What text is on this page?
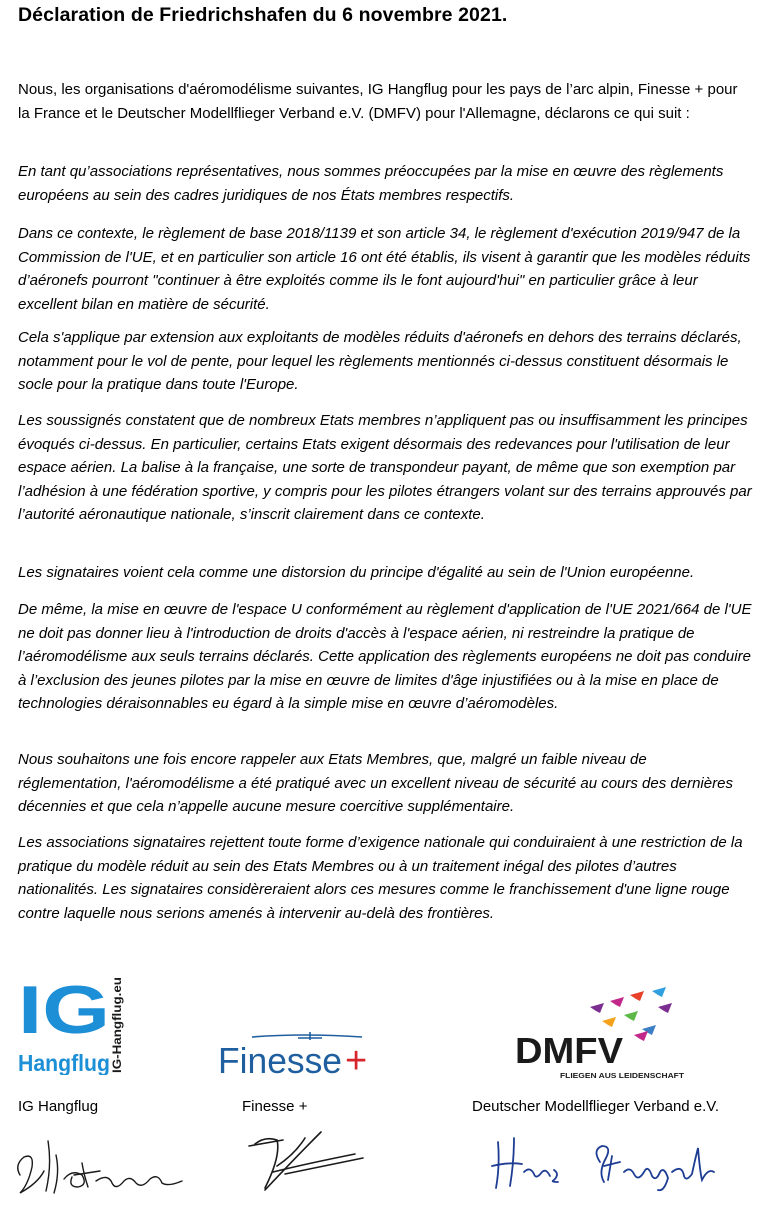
Déclaration de Friedrichshafen du 6 novembre 2021.

Nous, les organisations d'aéromodélisme suivantes, IG Hangflug pour les pays de l’arc alpin, Finesse + pour la France et le Deutscher Modellflieger Verband e.V. (DMFV) pour l'Allemagne, déclarons ce qui suit :

En tant qu’associations représentatives, nous sommes préoccupées par la mise en œuvre des règlements européens au sein des cadres juridiques de nos États membres respectifs.

Dans ce contexte, le règlement de base 2018/1139 et son article 34, le règlement d'exécution 2019/947 de la Commission de l'UE, et en particulier son article 16 ont été établis, ils visent à garantir que les modèles réduits d’aéronefs pourront "continuer à être exploités comme ils le font aujourd'hui" en particulier grâce à leur excellent bilan en matière de sécurité.

Cela s'applique par extension aux exploitants de modèles réduits d'aéronefs en dehors des terrains déclarés, notamment pour le vol de pente, pour lequel les règlements mentionnés ci-dessus constituent désormais le socle pour la pratique dans toute l'Europe.

Les soussignés constatent que de nombreux Etats membres n’appliquent pas ou insuffisamment les principes évoqués ci-dessus. En particulier, certains Etats exigent désormais des redevances pour l'utilisation de leur espace aérien. La balise à la française, une sorte de transpondeur payant, de même que son exemption par l’adhésion à une fédération sportive, y compris pour les pilotes étrangers volant sur des terrains approuvés par l’autorité aéronautique nationale, s’inscrit clairement dans ce contexte.

Les signataires voient cela comme une distorsion du principe d'égalité au sein de l'Union européenne.

De même, la mise en œuvre de l'espace U conformément au règlement d'application de l'UE 2021/664 de l'UE ne doit pas donner lieu à l'introduction de droits d'accès à l'espace aérien, ni restreindre la pratique de l’aéromodélisme aux seuls terrains déclarés. Cette application des règlements européens ne doit pas conduire à l’exclusion des jeunes pilotes par la mise en œuvre de limites d'âge injustifiées ou à la mise en place de technologies déraisonnables eu égard à la simple mise en œuvre d’aéromodèles.

Nous souhaitons une fois encore rappeler aux Etats Membres, que, malgré un faible niveau de réglementation, l'aéromodélisme a été pratiqué avec un excellent niveau de sécurité au cours des dernières décennies et que cela n’appelle aucune mesure coercitive supplémentaire.

Les associations signataires rejettent toute forme d’exigence nationale qui conduiraient à une restriction de la pratique du modèle réduit au sein des Etats Membres ou à un traitement inégal des pilotes d’autres nationalités. Les signataires considèreraient alors ces mesures comme le franchissement d'une ligne rouge contre laquelle nous serions amenés à intervenir au-delà des frontières.

IG
Hangflug IG-Hangflug.eu	Finesse +	DMFV
FLIEGEN AUS LEIDENSCHAFT
IG Hangflug	Finesse +	Deutscher Modellflieger Verband e.V.
